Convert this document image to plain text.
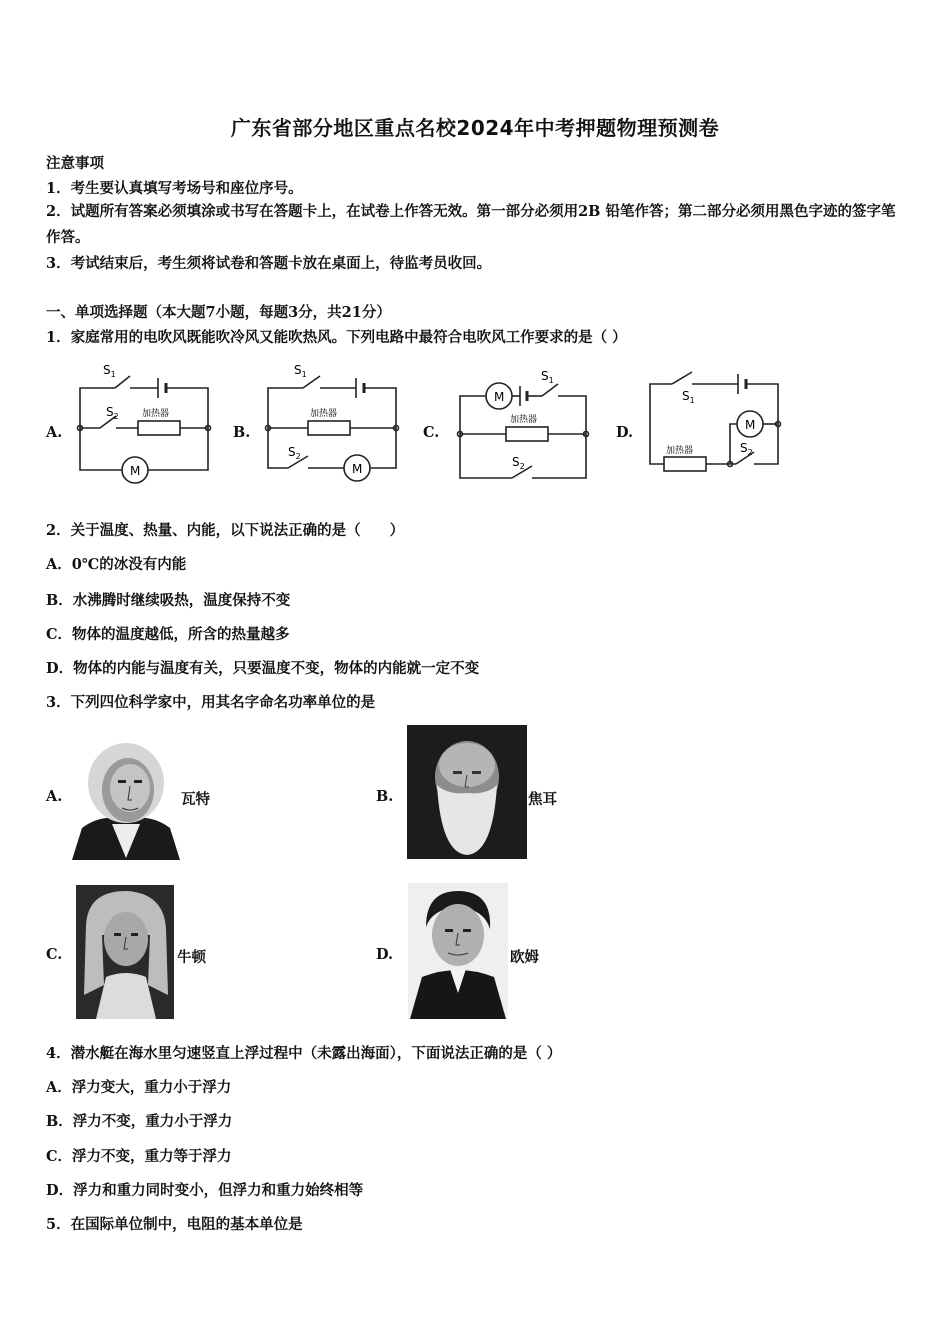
广东省部分地区重点名校2024年中考押题物理预测卷
注意事项
1．考生要认真填写考场号和座位序号。
2．试题所有答案必须填涂或书写在答题卡上，在试卷上作答无效。第一部分必须用2B 铅笔作答；第二部分必须用黑色字迹的签字笔作答。
3．考试结束后，考生须将试卷和答题卡放在桌面上，待监考员收回。
一、单项选择题（本大题7小题，每题3分，共21分）
1．家庭常用的电吹风既能吹冷风又能吹热风。下列电路中最符合电吹风工作要求的是（ ）
A.	B.	C.	D.
$S_1$
$S_2$	加热器
M
$S_1$
$S_2$
加热器
M
M
$S_1$
加热器
$S_2$
$S_1$
M
加热器	$S_2$
2．关于温度、热量、内能，以下说法正确的是（　　）
A．0℃的冰没有内能
B．水沸腾时继续吸热，温度保持不变
C．物体的温度越低，所含的热量越多
D．物体的内能与温度有关，只要温度不变，物体的内能就一定不变
3．下列四位科学家中，用其名字命名功率单位的是
A.	瓦特	B.	焦耳
C.	牛顿	D.	欧姆
4．潜水艇在海水里匀速竖直上浮过程中（未露出海面），下面说法正确的是（ ）
A．浮力变大，重力小于浮力
B．浮力不变，重力小于浮力
C．浮力不变，重力等于浮力
D．浮力和重力同时变小，但浮力和重力始终相等
5．在国际单位制中，电阻的基本单位是
